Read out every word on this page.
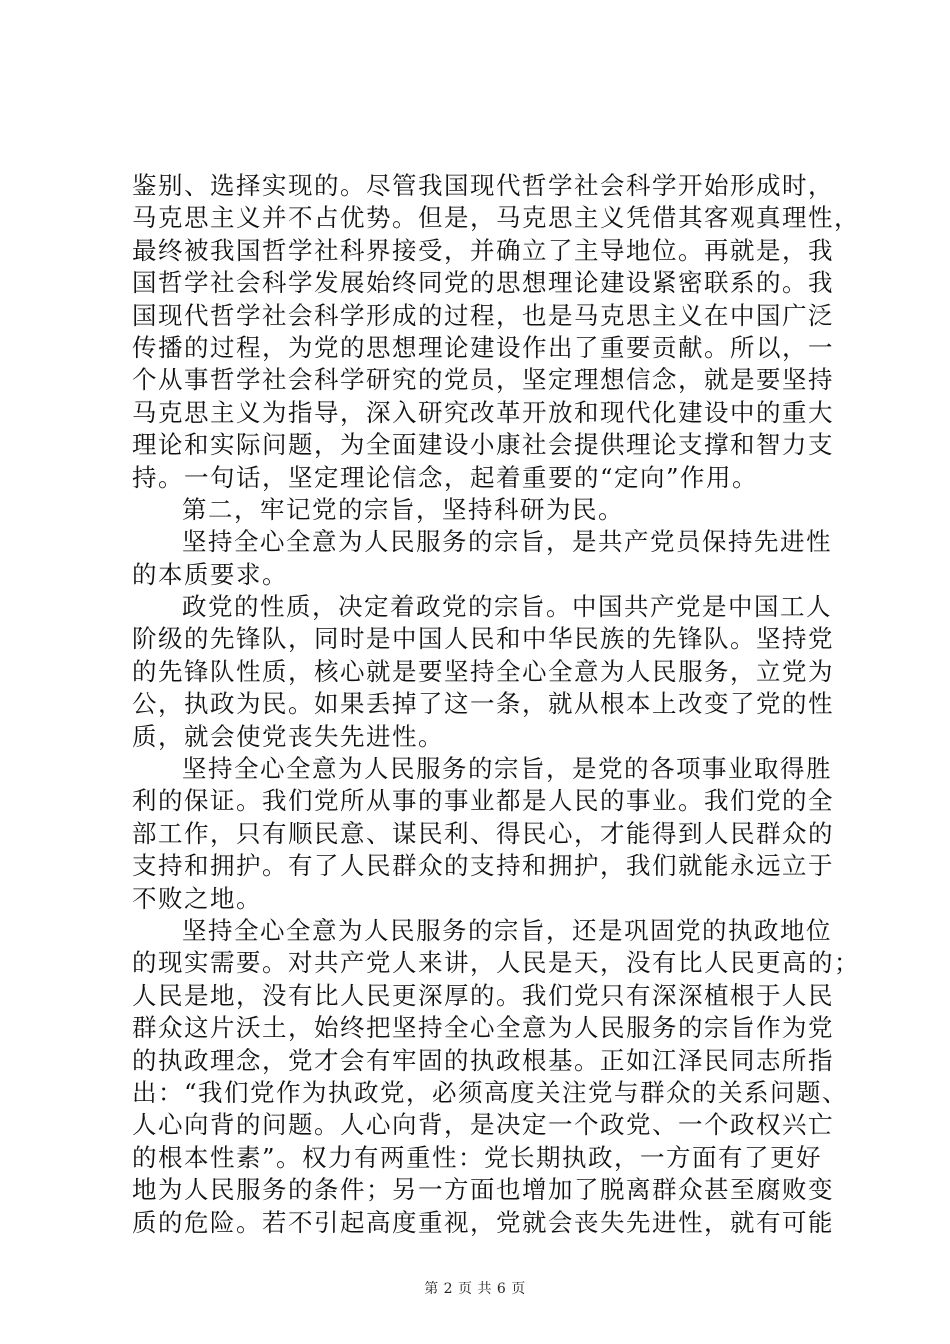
鉴别、选择实现的。尽管我国现代哲学社会科学开始形成时，
马克思主义并不占优势。但是，马克思主义凭借其客观真理性，
最终被我国哲学社科界接受，并确立了主导地位。再就是，我
国哲学社会科学发展始终同党的思想理论建设紧密联系的。我
国现代哲学社会科学形成的过程，也是马克思主义在中国广泛
传播的过程，为党的思想理论建设作出了重要贡献。所以，一
个从事哲学社会科学研究的党员，坚定理想信念，就是要坚持
马克思主义为指导，深入研究改革开放和现代化建设中的重大
理论和实际问题，为全面建设小康社会提供理论支撑和智力支
持。一句话，坚定理论信念，起着重要的“定向”作用。
第二，牢记党的宗旨，坚持科研为民。
坚持全心全意为人民服务的宗旨，是共产党员保持先进性
的本质要求。
政党的性质，决定着政党的宗旨。中国共产党是中国工人
阶级的先锋队，同时是中国人民和中华民族的先锋队。坚持党
的先锋队性质，核心就是要坚持全心全意为人民服务，立党为
公，执政为民。如果丢掉了这一条，就从根本上改变了党的性
质，就会使党丧失先进性。
坚持全心全意为人民服务的宗旨，是党的各项事业取得胜
利的保证。我们党所从事的事业都是人民的事业。我们党的全
部工作，只有顺民意、谋民利、得民心，才能得到人民群众的
支持和拥护。有了人民群众的支持和拥护，我们就能永远立于
不败之地。
坚持全心全意为人民服务的宗旨，还是巩固党的执政地位
的现实需要。对共产党人来讲，人民是天，没有比人民更高的；
人民是地，没有比人民更深厚的。我们党只有深深植根于人民
群众这片沃土，始终把坚持全心全意为人民服务的宗旨作为党
的执政理念，党才会有牢固的执政根基。正如江泽民同志所指
出：“我们党作为执政党，必须高度关注党与群众的关系问题、
人心向背的问题。人心向背，是决定一个政党、一个政权兴亡
的根本性素”。权力有两重性：党长期执政，一方面有了更好
地为人民服务的条件；另一方面也增加了脱离群众甚至腐败变
质的危险。若不引起高度重视，党就会丧失先进性，就有可能
第 2 页 共 6 页
